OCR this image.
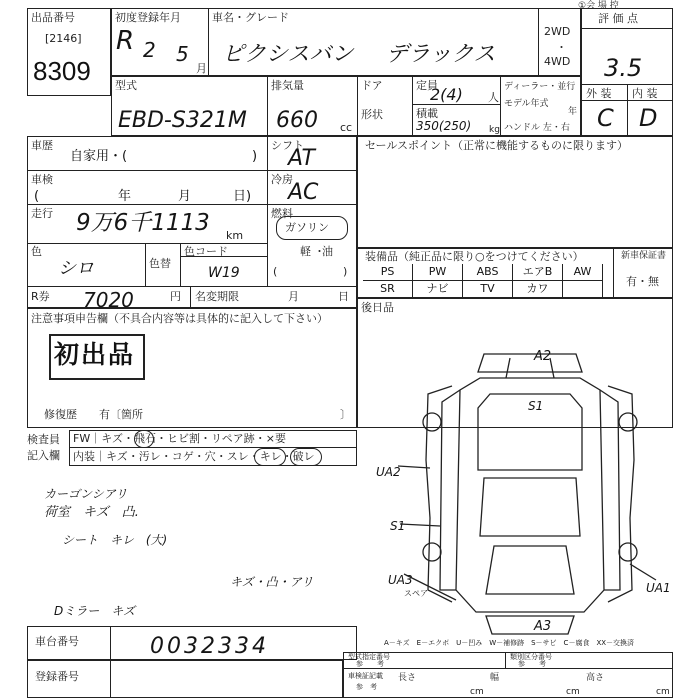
①会 場 控
出品番号
[2146]
8309
初度登録年月
R 2 5
月
車名・グレード
ピクシスバン デラックス
2WD
・
4WD
評 価 点
3.5
外 装 内 装
C D
型式
EBD-S321M
排気量
660 cc
ドア	定員
2(4) 人
形状	積載
350(250) kg
ディーラー・並行
モデル年式
年
ハンドル 左・右
車歴
自家用・(	)
車検
(	年	月	日)
走行 9万6千1113 km
色
シロ	色替
色コード
W19
R券 7020	円 名変期限	月	日
シフト
AT
冷房
AC
燃料
ガソリン
軽 ・
油
(	)
セールスポイント（正常に機能するものに限ります）
装備品（純正品に限り○をつけてください）	新車保証書
有・無
PS	PW	ABS	エアB	AW
SR	ナビ	TV	カワ
後日品
注意事項申告欄（不具合内容等は具体的に記入して下さい）
初出品
修復歴　　有〔箇所	〕
検査員
記入欄
FW｜キズ・飛石・ヒビ割・リペア跡・×要
内装｜キズ・汚レ・コゲ・穴・スレ・キレ・破レ
カーゴンシアリ
荷室　キズ　凸.
シート　キレ　(大)
キズ・凸・アリ
Dミラー　キズ
A2
S1
UA2
S1
UA3
スペア	UA1
A3
A－キズ　E－エクボ　U－凹み　W－補修跡　S－サビ　C－腐食　XX－交換済
車台番号	0032334
登録番号
型式指定番号
参　　考
類別区分番号
参　　考
車検証記載
参　考
長さ
cm
幅
cm
高さ
cm
